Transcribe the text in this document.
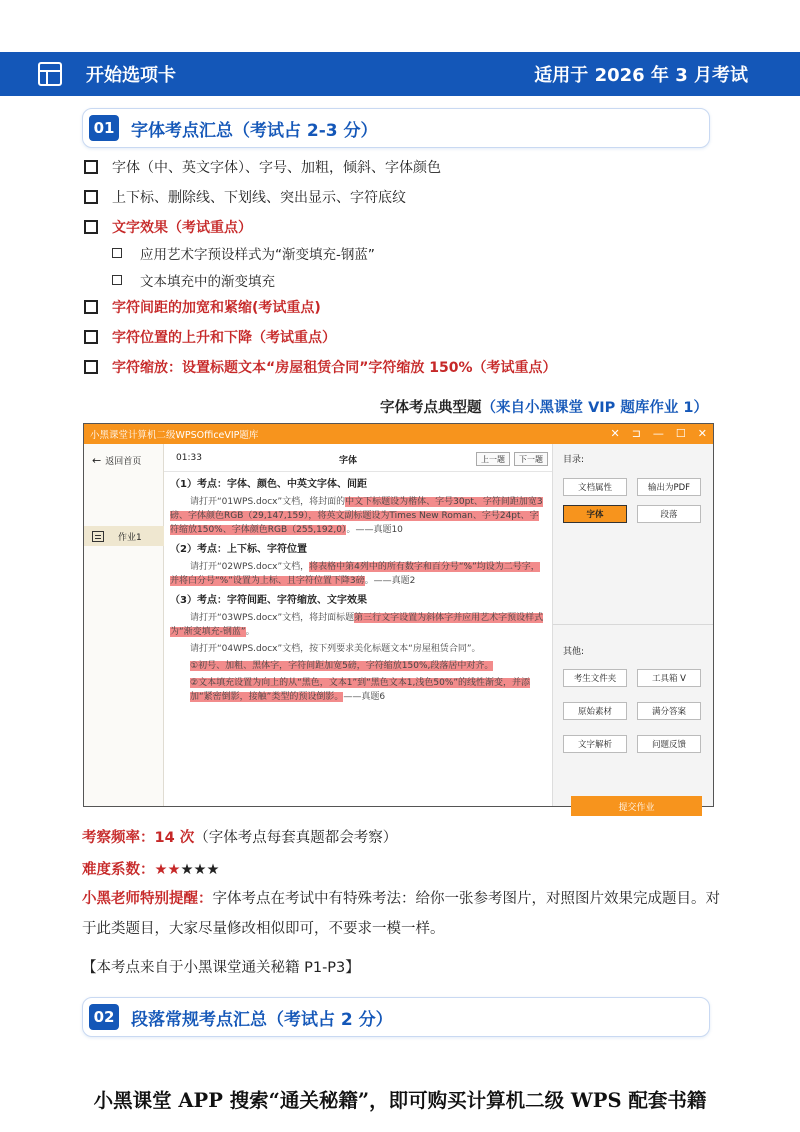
开始选项卡	适用于 2026 年 3 月考试
01 字体考点汇总（考试占 2-3 分）
字体（中、英文字体）、字号、加粗，倾斜、字体颜色
上下标、删除线、下划线、突出显示、字符底纹
文字效果（考试重点）
应用艺术字预设样式为“渐变填充-钢蓝”
文本填充中的渐变填充
字符间距的加宽和紧缩(考试重点)
字符位置的上升和下降（考试重点）
字符缩放：设置标题文本“房屋租赁合同”字符缩放 150%（考试重点）
字体考点典型题（来自小黑课堂 VIP 题库作业 1）
小黑课堂计算机二级WPSOfficeVIP题库	✕ ⊐ — ☐ ✕
← 返回首页
作业1
01:33	字体	上一题	下一题
（1）考点：字体、颜色、中英文字体、间距
请打开“01WPS.docx”文档，将封面的中文下标题设为楷体、字号30pt、字符间距加宽3磅、字体颜色RGB（29,147,159），将英文副标题设为Times New Roman、字号24pt、字符缩放150%、字体颜色RGB（255,192,0）。——真题10
（2）考点：上下标、字符位置
请打开“02WPS.docx”文档，将表格中第4列中的所有数字和百分号“%”均设为二号字，并将白分号“%”设置为上标、且字符位置下降3磅。——真题2
（3）考点：字符间距、字符缩放、文字效果
请打开“03WPS.docx”文档，将封面标题第三行文字设置为斜体字并应用艺术字预设样式为“渐变填充-钢蓝”。
请打开“04WPS.docx”文档，按下列要求美化标题文本“房屋租赁合同”。
①初号、加粗、黑体字，字符间距加宽5磅，字符缩放150%,段落居中对齐。
②文本填充设置为向上的从“黑色，文本1”到“黑色文本1,浅色50%”的线性渐变，并添加“紧密倒影，接触”类型的预设倒影。——真题6
目录:
文档属性	输出为PDF
字体	段落
其他:
考生文件夹	工具箱 V
原始素材	满分答案
文字解析	问题反馈
提交作业
考察频率：14 次（字体考点每套真题都会考察）
难度系数：★★★★★
小黑老师特别提醒：字体考点在考试中有特殊考法：给你一张参考图片，对照图片效果完成题目。对于此类题目，大家尽量修改相似即可，不要求一模一样。
【本考点来自于小黑课堂通关秘籍 P1-P3】
02 段落常规考点汇总（考试占 2 分）
小黑课堂 APP 搜索“通关秘籍”，即可购买计算机二级 WPS 配套书籍
